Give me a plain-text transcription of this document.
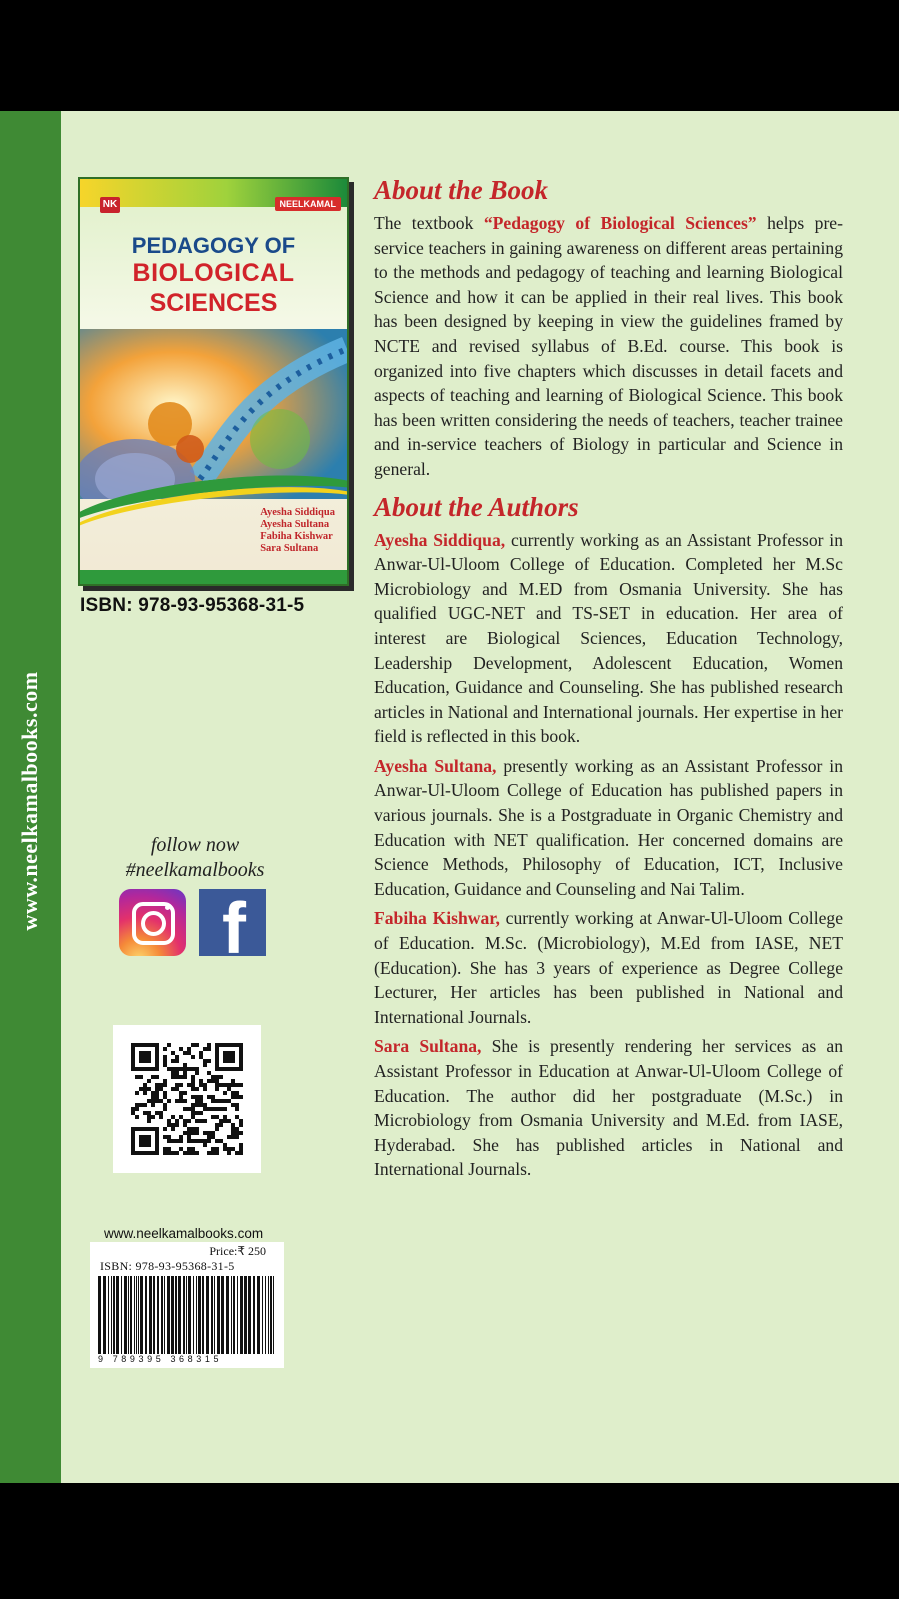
www.neelkamalbooks.com
NK	NEELKAMAL
PEDAGOGY OF
BIOLOGICAL
SCIENCES
Ayesha Siddiqua
Ayesha Sultana
Fabiha Kishwar
Sara Sultana
ISBN: 978-93-95368-31-5
follow now
#neelkamalbooks
f
www.neelkamalbooks.com
Price:₹ 250
ISBN: 978-93-95368-31-5
9 789395 368315
About the Book

The textbook “Pedagogy of Biological Sciences” helps pre-service teachers in gaining awareness on different areas pertaining to the methods and pedagogy of teaching and learning Biological Science and how it can be applied in their real lives. This book has been designed by keeping in view the guidelines framed by NCTE and revised syllabus of B.Ed. course. This book is organized into five chapters which discusses in detail facets and aspects of teaching and learning of Biological Science. This book has been written considering the needs of teachers, teacher trainee and in-service teachers of Biology in particular and Science in general.

About the Authors

Ayesha Siddiqua, currently working as an Assistant Professor in Anwar-Ul-Uloom College of Education. Completed her M.Sc Microbiology and M.ED from Osmania University. She has qualified UGC-NET and TS-SET in education. Her area of interest are Biological Sciences, Education Technology, Leadership Development, Adolescent Education, Women Education, Guidance and Counseling. She has published research articles in National and International journals. Her expertise in her field is reflected in this book.

Ayesha Sultana, presently working as an Assistant Professor in Anwar-Ul-Uloom College of Education has published papers in various journals. She is a Postgraduate in Organic Chemistry and Education with NET qualification. Her concerned domains are Science Methods, Philosophy of Education, ICT, Inclusive Education, Guidance and Counseling and Nai Talim.

Fabiha Kishwar, currently working at Anwar-Ul-Uloom College of Education. M.Sc. (Microbiology), M.Ed from IASE, NET (Education). She has 3 years of experience as Degree College Lecturer, Her articles has been published in National and International Journals.

Sara Sultana, She is presently rendering her services as an Assistant Professor in Education at Anwar-Ul-Uloom College of Education. The author did her postgraduate (M.Sc.) in Microbiology from Osmania University and M.Ed. from IASE, Hyderabad. She has published articles in National and International Journals.
